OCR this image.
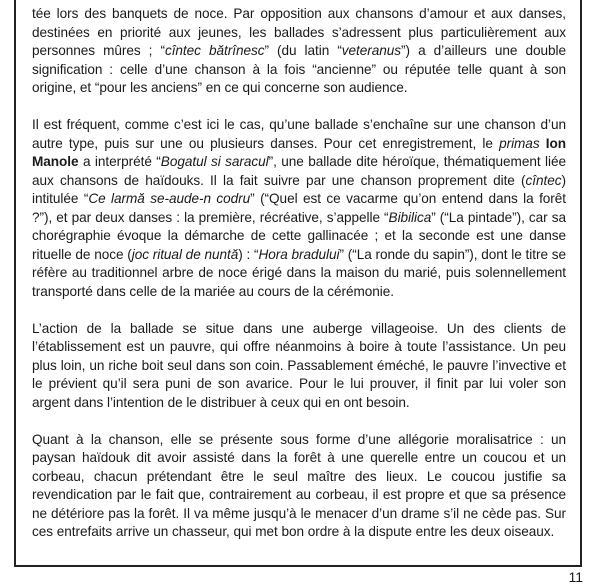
tée lors des banquets de noce. Par opposition aux chansons d’amour et aux danses, destinées en priorité aux jeunes, les ballades s’adressent plus particulièrement aux personnes mûres ; “cîntec bătrînesc” (du latin “veteranus”) a d’ailleurs une double signification : celle d’une chanson à la fois “ancienne” ou réputée telle quant à son origine, et “pour les anciens” en ce qui concerne son audience.

Il est fréquent, comme c’est ici le cas, qu’une ballade s’enchaîne sur une chanson d’un autre type, puis sur une ou plusieurs danses. Pour cet enregistrement, le primas Ion Manole a interprété “Bogatul si saracul”, une ballade dite héroïque, thématiquement liée aux chansons de haïdouks. Il la fait suivre par une chanson proprement dite (cîntec) intitulée “Ce larmă se-aude-n codru” (“Quel est ce vacarme qu’on entend dans la forêt ?”), et par deux danses : la première, récréative, s’appelle “Bibilica” (“La pintade”), car sa chorégraphie évoque la démarche de cette gallinacée ; et la seconde est une danse rituelle de noce (joc ritual de nuntă) : “Hora bradului” (“La ronde du sapin”), dont le titre se réfère au traditionnel arbre de noce érigé dans la maison du marié, puis solennellement transporté dans celle de la mariée au cours de la cérémonie.

L’action de la ballade se situe dans une auberge villageoise. Un des clients de l’établissement est un pauvre, qui offre néanmoins à boire à toute l’assistance. Un peu plus loin, un riche boit seul dans son coin. Passablement éméché, le pauvre l’invective et le prévient qu’il sera puni de son avarice. Pour le lui prouver, il finit par lui voler son argent dans l’intention de le distribuer à ceux qui en ont besoin.

Quant à la chanson, elle se présente sous forme d’une allégorie moralisatrice : un paysan haïdouk dit avoir assisté dans la forêt à une querelle entre un coucou et un corbeau, chacun prétendant être le seul maître des lieux. Le coucou justifie sa revendication par le fait que, contrairement au corbeau, il est propre et que sa présence ne détériore pas la forêt. Il va même jusqu’à le menacer d’un drame s’il ne cède pas. Sur ces entrefaits arrive un chasseur, qui met bon ordre à la dispute entre les deux oiseaux.

11
